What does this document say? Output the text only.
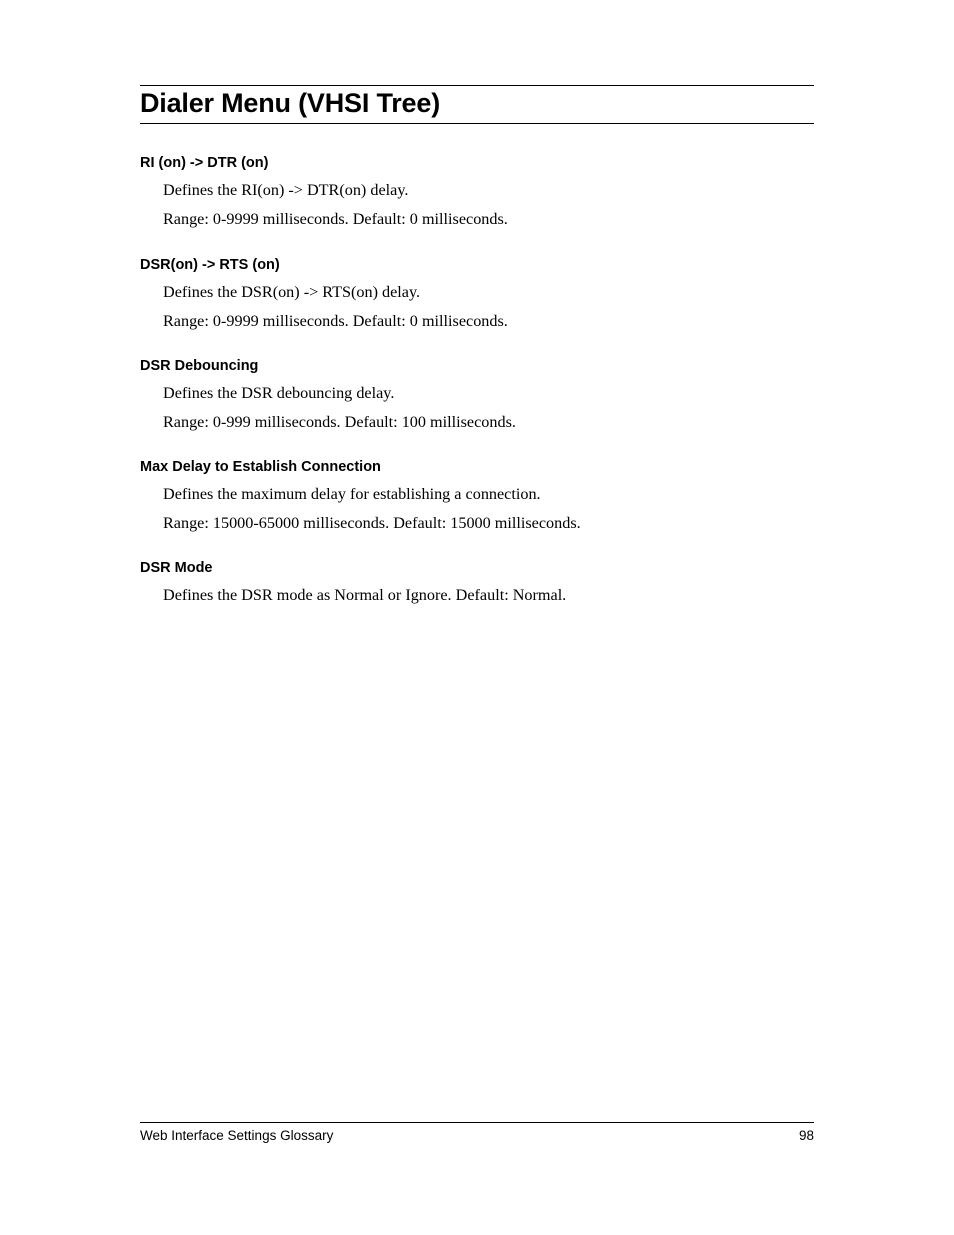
Dialer Menu (VHSI Tree)
RI (on) -> DTR (on)

Defines the RI(on) -> DTR(on) delay.

Range: 0-9999 milliseconds. Default: 0 milliseconds.

DSR(on) -> RTS (on)

Defines the DSR(on) -> RTS(on) delay.

Range: 0-9999 milliseconds. Default: 0 milliseconds.

DSR Debouncing

Defines the DSR debouncing delay.

Range: 0-999 milliseconds. Default: 100 milliseconds.

Max Delay to Establish Connection

Defines the maximum delay for establishing a connection.

Range: 15000-65000 milliseconds. Default: 15000 milliseconds.

DSR Mode

Defines the DSR mode as Normal or Ignore. Default: Normal.

Web Interface Settings Glossary	98
